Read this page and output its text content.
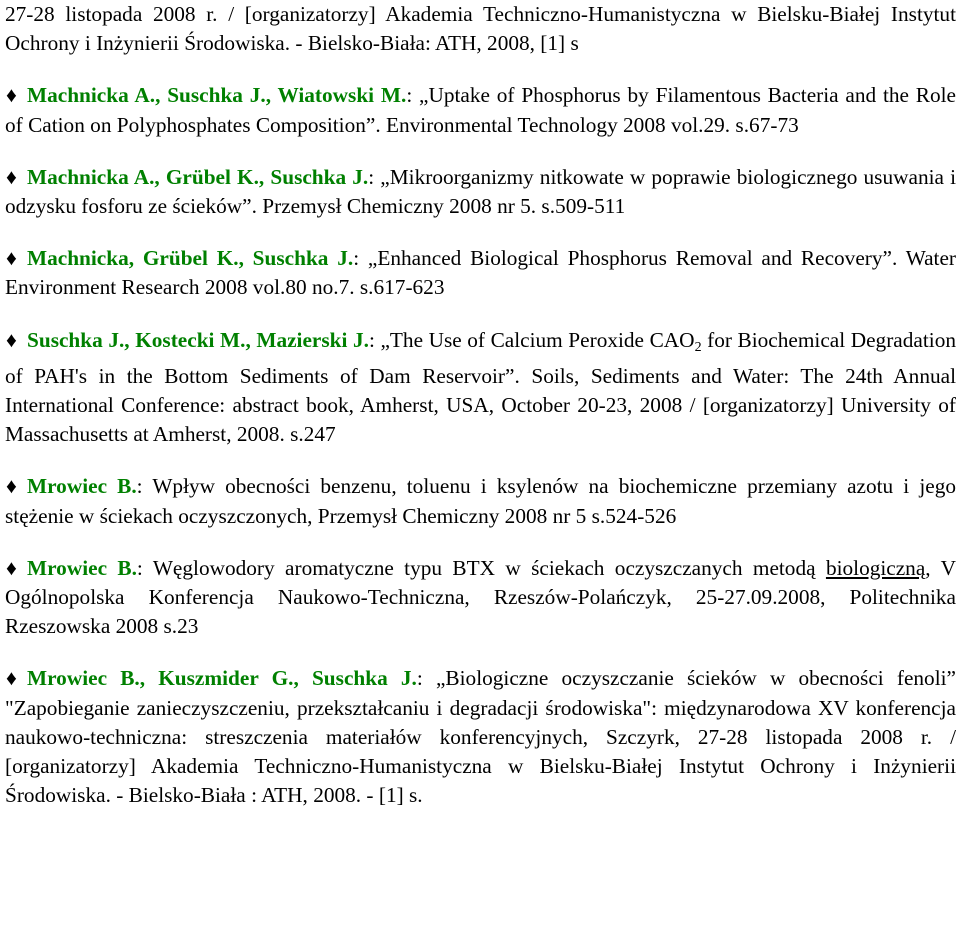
27-28 listopada 2008 r. / [organizatorzy] Akademia Techniczno-Humanistyczna w Bielsku-Białej Instytut Ochrony i Inżynierii Środowiska. - Bielsko-Biała: ATH, 2008, [1] s

♦ Machnicka A., Suschka J., Wiatowski M.: „Uptake of Phosphorus by Filamentous Bacteria and the Role of Cation on Polyphosphates Composition”. Environmental Technology 2008 vol.29. s.67-73

♦ Machnicka A., Grübel K., Suschka J.: „Mikroorganizmy nitkowate w poprawie biologicznego usuwania i odzysku fosforu ze ścieków”. Przemysł Chemiczny 2008 nr 5. s.509-511

♦ Machnicka, Grübel K., Suschka J.: „Enhanced Biological Phosphorus Removal and Recovery”. Water Environment Research 2008 vol.80 no.7. s.617-623

♦ Suschka J., Kostecki M., Mazierski J.: „The Use of Calcium Peroxide $CAO_2$ for Biochemical Degradation of PAH's in the Bottom Sediments of Dam Reservoir”. Soils, Sediments and Water: The 24th Annual International Conference: abstract book, Amherst, USA, October 20-23, 2008 / [organizatorzy] University of Massachusetts at Amherst, 2008. s.247

♦ Mrowiec B.: Wpływ obecności benzenu, toluenu i ksylenów na biochemiczne przemiany azotu i jego stężenie w ściekach oczyszczonych, Przemysł Chemiczny 2008 nr 5 s.524-526

♦ Mrowiec B.: Węglowodory aromatyczne typu BTX w ściekach oczyszczanych metodą biologiczną, V Ogólnopolska Konferencja Naukowo-Techniczna, Rzeszów-Polańczyk, 25-27.09.2008, Politechnika Rzeszowska 2008 s.23

♦ Mrowiec B., Kuszmider G., Suschka J.: „Biologiczne oczyszczanie ścieków w obecności fenoli” "Zapobieganie zanieczyszczeniu, przekształcaniu i degradacji środowiska": międzynarodowa XV konferencja naukowo-techniczna: streszczenia materiałów konferencyjnych, Szczyrk, 27-28 listopada 2008 r. / [organizatorzy] Akademia Techniczno-Humanistyczna w Bielsku-Białej Instytut Ochrony i Inżynierii Środowiska. - Bielsko-Biała : ATH, 2008. - [1] s.
